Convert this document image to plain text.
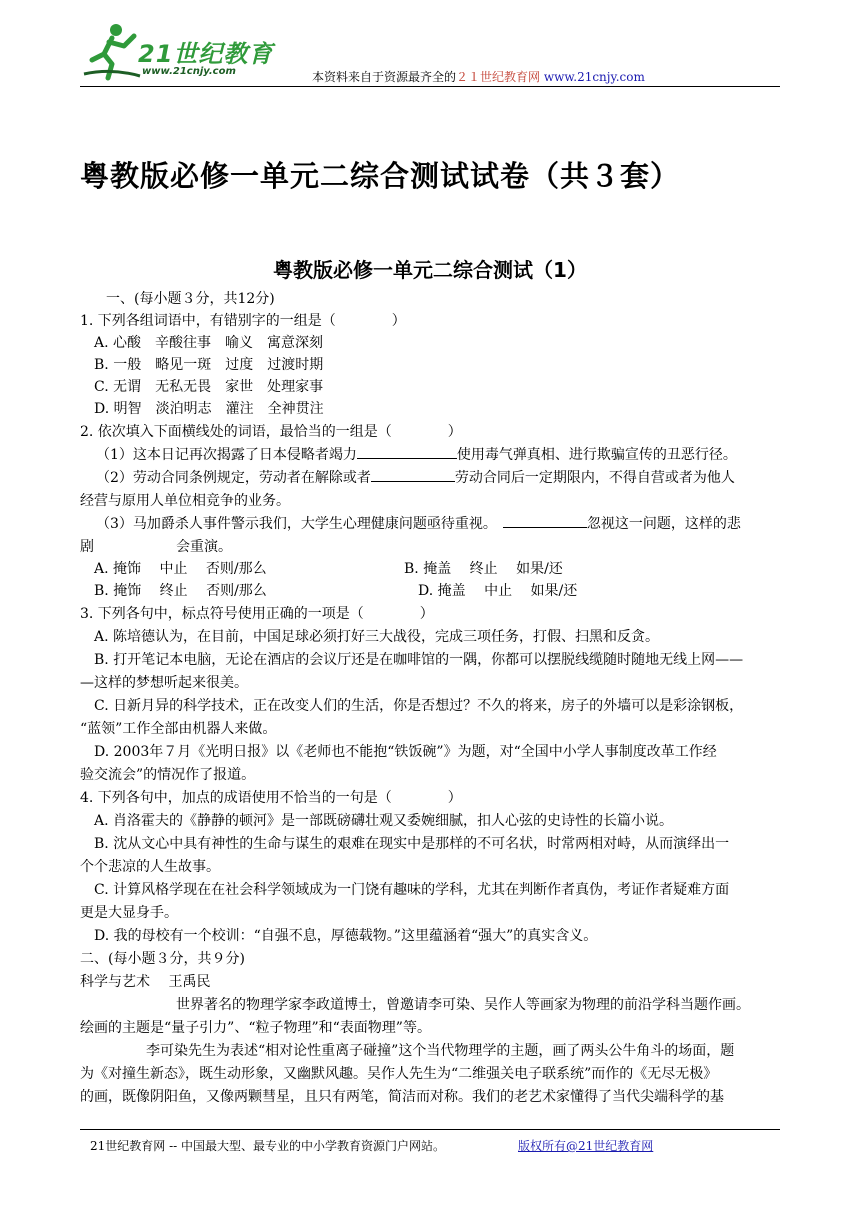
21世纪教育
www.21cnjy.com	本资料来自于资源最齐全的２１世纪教育网 www.21cnjy.com
粤教版必修一单元二综合测试试卷（共３套）
粤教版必修一单元二综合测试（1）
一、(每小题３分，共12分)
1. 下列各组词语中，有错别字的一组是（　　　　）
A. 心酸　辛酸往事　喻义　寓意深刻
B. 一般　略见一斑　过度　过渡时期
C. 无谓　无私无畏　家世　处理家事
D. 明智　淡泊明志　灌注　全神贯注
2. 依次填入下面横线处的词语，最恰当的一组是（　　　　）
（1）这本日记再次揭露了日本侵略者竭力	使用毒气弹真相、进行欺骗宣传的丑恶行径。
（2）劳动合同条例规定，劳动者在解除或者	劳动合同后一定期限内，不得自营或者为他人
经营与原用人单位相竞争的业务。
（3）马加爵杀人事件警示我们，大学生心理健康问题亟待重视。	忽视这一问题，这样的悲
剧	会重演。
A. 掩饰　 中止　 否则/那么	B. 掩盖　 终止　 如果/还
B. 掩饰　 终止　 否则/那么	D. 掩盖　 中止　 如果/还
3. 下列各句中，标点符号使用正确的一项是（　　　　）
A. 陈培德认为，在目前，中国足球必须打好三大战役，完成三项任务，打假、扫黑和反贪。
B. 打开笔记本电脑，无论在酒店的会议厅还是在咖啡馆的一隅，你都可以摆脱线缆随时随地无线上网——
—这样的梦想听起来很美。
C. 日新月异的科学技术，正在改变人们的生活，你是否想过？不久的将来，房子的外墙可以是彩涂钢板，
“蓝领”工作全部由机器人来做。
D. 2003年７月《光明日报》以《老师也不能抱“铁饭碗”》为题，对“全国中小学人事制度改革工作经
验交流会”的情况作了报道。
4. 下列各句中，加点的成语使用不恰当的一句是（　　　　）
A. 肖洛霍夫的《静静的顿河》是一部既磅礴壮观又委婉细腻，扣人心弦的史诗性的长篇小说。
B. 沈从文心中具有神性的生命与谋生的艰难在现实中是那样的不可名状，时常两相对峙，从而演绎出一
个个悲凉的人生故事。
C. 计算风格学现在在社会科学领域成为一门饶有趣味的学科，尤其在判断作者真伪，考证作者疑难方面
更是大显身手。
D. 我的母校有一个校训：“自强不息，厚德载物。”这里蕴涵着“强大”的真实含义。
二、(每小题３分，共９分)
科学与艺术　 王禹民
世界著名的物理学家李政道博士，曾邀请李可染、吴作人等画家为物理的前沿学科当题作画。
绘画的主题是“量子引力”、“粒子物理”和“表面物理”等。
李可染先生为表述“相对论性重离子碰撞”这个当代物理学的主题，画了两头公牛角斗的场面，题
为《对撞生新态》，既生动形象，又幽默风趣。吴作人先生为“二维强关电子联系统”而作的《无尽无极》
的画，既像阴阳鱼，又像两颗彗星，且只有两笔，简洁而对称。我们的老艺术家懂得了当代尖端科学的基
21世纪教育网 -- 中国最大型、最专业的中小学教育资源门户网站。	版权所有@21世纪教育网
